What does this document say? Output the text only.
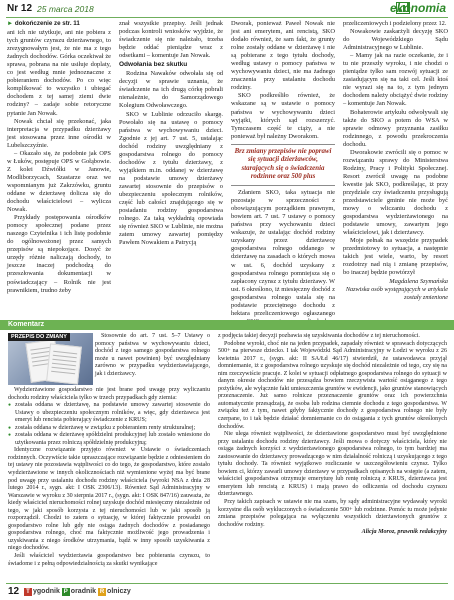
Nr 12 25 marca 2018	ekonomia
► dokończenie ze str. 11

ani ich nie użytkuje, ani nie pobiera z tych gruntów czynszu dzierżawnego, to zrezygnowałym jest, że nie ma z tego żadnych dochodów. Górka oczekiwał że sprawa, pobrana na nie usiłuje doplaty, co jest według mnie jednoznaczne z pobieraniem dochodów. Po co więc komplikować to wszystko i ubiegać dochodem z tej samej ziemi dwie rodziny? – zadaje sobie retoryczne pytanie Jan Nowak.

Nowak chciał się przekonać, jaka interpretacja w przypadku dzierżawy jest stosowana przez inne ośrodki w Lubelszczyźnie.

– Okazało się, że podobnie jak OPS w Łuków, postępuje OPS w Gołąbowie. Z kolei Dźwiółki w Janowie, Modliborzycach, Szastarze oraz we wspomnianym już Zakrzówku, gruntu oddane w dzierżawę dolicza się do dochodu właścicielowi – wylicza Nowak.

Przykłady postępowania ośrodków pomocy społecznej podane przez naszego Czytelnika i ich listę podobnie do ogólnowożonej przez samych przepisów są niepokojące. Dosyć że urzędy różnie naliczają dochody, to jeszcze inaczej podchodzą do przeszłowania dokumentacji w poświadczający – Rolnik nie jest prawnikiem, trudno żeby

znał wszystkie przepisy. Jeśli jednak podczas kontroli wniosków wyjdzie, że świadczenie się nie należało, trzeba będzie oddać pieniądze wraz z odsetkami – komentuje Jan Nowak.

Odwołania bez skutku

Rodzina Nawaków odwołała się od decyzji w sprawie uznania, że świadczenie na ich drugą córkę pobrali nienależnie, do Samorządowego Kolegium Odwoławczego.

SKO w Lublinie odrzuciło skargę. Powołało się na ustawę o pomocy państwa w wychowywaniu dzieci. Zgodnie z jej art. 7 ust. 5, ustalając dochód rodziny uwzględniany z gospodarstwa rolnego do pomocy dochodów z tytułu dzierżawy, z wyjątkiem m.in. oddanej w dzierżawę na podstawie umowy dzierżawy zawartej stosownie do przepisów o ubezpieczeniu społecznym rolników, część lub całości znajdującego się w posiadaniu rodziny gospodarstwa rolnego. Za taką wykładnią opowiada się również SKO w Lublinie, nie można zatem umowy zawartej pomiędzy Pawłem Nowakiem a Patrycją

Dworak, ponieważ Paweł Nowak nie jest ani emerytem, ani rencistą, SKO dodało również, że sam fakt, że grunty rolne zostały oddane w dzierżawę i nie są pobierane z tego tytułu dochody, według ustawy o pomocy państwa w wychowywaniu dzieci, nie ma żadnego znaczenia przy ustalaniu dochodu rodziny.

SKO podkreśliło również, że wskazane są w ustawie o pomocy państwa w wychowywaniu dzieci wyjątki, których sąd rozszerzyć. Tymczasem część te ciąży, a nie ponieważ był należny Dworakom.

Brz zmiany przepisów nie poprawi się sytuacji dzierżawców, starających się o świadczenia rodzinne oraz 500 plus

Zdaniem SKO, taka sytuacja nie pozostaje w sprzeczności z obowiązującym porządkiem prawnym, bowiem art. 7 ust. 7 ustawy o pomocy państwa przy wychowaniu dzieci wskazuje, że ustalając dochód rodziny uzyskany przez dzierżawcę gospodarstwa rolnego oddanego w dzierżawę na zasadach o których mowa w ust. 6, dochód uzyskany z gospodarstwa rolnego pomniejsza się o zapłacony czynsz z tytułu dzierżawy. W ust. 6 określono, iż miesięczny dochód z gospodarstwa rolnego ustala się na podstawie przeciętnego dochodu z hektara przeliczeniowego ogłaszanego

przeliczeniowych i podzielony przez 12.

Nowakowie zaskarżyli decyzję SKO do Wojewódzkiego Sądu Administracyjnego w Lublinie.

– Mamy jak na razie oczekanie, że i tu nie przeszły wyroku, i nie chodzi o pieniądze tylko sam rozwój sytuacji ze zasiadującym się na taki cel. Jeśli ktoś nie wyrazi się na to, z tym jednym dochodem należy obciążyć dwie rodziny – komentuje Jan Nowak.

Bohaterowie artykułu odwoływali się także do SKO a potem do WSA w sprawie odmowy przyznania zasiłku rodzinnego, z powodu przekroczenia dochodu.

Dworakowie zwrócili się o pomoc w rozwiązaniu sprawy do Ministerstwa Rodziny, Pracy i Polityki Społecznej. Resort zwrócił uwagę na podobne kwestie jak SKO, podkreślając, iż przy przydziale czy świadczeniu przysługują przedstawiciele gminie nie może być mowy o wliczaniu dochodu z gospodarstwa wydzierżawionego na podstawie umowy, zawartym jego właścicielowi, jak i dzierżawcy.

Moje pełnak na wszędzie przypadek przedmiotowy to sytuacja, a następnie takich jest wiele, warto, by resort rozdotrzy nad nią i zmianę przepisów, bo inaczej będzie powtórzył

Magdalena Szymańska
Nazwiska osób występujących w artykule zostały zmienione
Komentarz
PRZEPIS DO ZMIANY	Stosownie do art. 7 ust. 5–7 Ustawy o pomocy państwa w wychowywaniu dzieci, dochód z tego samego gospodarstwa rolnego może u nawet powinien) być uwzględniany zarówno w przypadku wydzierżawiającego, jak i dzierżawcy.

Wydzierżawione gospodarstwo nie jest brane pod uwagę przy wyliczaniu dochodu rodziny właściciela tylko w trzech przypadkach gdy ziemia:

● została oddana w dzierżawę, na podstawie umowy zawartej stosownie do Ustawy o ubezpieczeniu społecznym rolników, a więc, gdy dzierżawca jest emeryt lub rencista pobierający świadczenie z KRUS;
● została oddana w dzierżawę w związku z pobieraniem renty strukturalnej;
● została oddana w dzierżawę spółdzielni produkcyjnej lub zostało wniesione do użytkowania przez rolniczą spółdzielnię produkcyjną;

Identyczne rozwiązanie przyjęto również w Ustawie o świadczeniach rodzinnych. Oczywiście takie upraszczające rozwiązanie będzie z odniesieniem do tej ustawy nie pozostawia wątpliwości co do tego, że gospodarstwo, które zostało wydzierżawione w innych okolicznościach niż wymienione wyżej ma być brane pod uwagę przy ustalaniu dochodu rodziny właściciela (wyroki NSA z dnia 28 lutego 2014 r., sygn. akt: I OSK 2306/13). Również Sąd Administracyjny w Warszawie w wyroku z 30 sierpnia 2017 r., (sygn. akt: I OSK 847/16) zauważa, że kiedy właściciel nieruchomości rolnej uzyskuje dochód miesięczny niezależnie od tego, w jaki sposób korzysta z tej nieruchomości lub w jaki sposób ją rozporządził. Chodzi to zatem o sytuację, w której faktycznie prowadzi on gospodarstwo rolne lub gdy nie osiąga żadnych dochodów z posiadanego gospodarstwa rolnego, choć ma faktycznie możliwość jego prowadzenia i uzyskiwania z niego środków utrzymania, bądź w inny sposób uzyskiwania z niego dochodów.

Jeśli właściciel wydzierżawia gospodarstwo bez pobierania czynszu, to świadome i z pełną odpowiedzialnością za skutki wynikające

z podjęcia takiej decyzji pozbawia się uzyskiwania dochodów z tej nieruchomości.

Podobne wyroki, choć nie na jeden przypadek, zapadały również w sprawach dotyczących 500+ na pierwsze dziecko. I tak Wojewódzki Sąd Administracyjny w Łodzi w wyroku z 26 kwietnia 2017 r., (sygn. akt: II SA/Łd 46/17) stwierdził, że ustawodawca przyjął domniemanie, iż z gospodarstwa rolnego uzyskuje się dochód niezależnie od tego, czy się na nim rzeczywiście pracuje. Z kolei w sytuacji odpłatnego gospodarstwa rolnego do sytuacji w danym okresie dochodów nie przesądza bowiem rzeczywista wartość osiąganego z tego pożytków, ale wyłącznie fakt umieszczenia gruntów w ewidencji, jako gruntów stanowiących przeznaczenie. Już samo rolnicze przeznaczenie gruntów oraz ich powierzchnia automatycznie przesądzają, że osoba lub rodzina ciemnie dochodu z tego gospodarstwa. W związku też z tym, nawet gdyby faktycznie dochody z gospodarstwa rolnego nie były czerpane, to i tak będzie działać domniemanie co do osiągania z tych gruntów określonych dochodów.

Nie ulega również wątpliwości, że dzierżawione gospodarstwo musi być uwzględnione przy ustalaniu dochodu rodziny dzierżawcy. Jeśli mowa o dotyczy właściciela, który nie osiąga żadnych korzyści z wydzierżawionego gospodarstwa rolnego, to tym bardziej ma zastosowanie do dzierżawcy prowadzącego w nim działalność rolniczą i uzyskującego z tego tytułu dochody. Ta również wyjątkowo rozliczanie w uszczegółowieniu czynsz. Tylko bowiem ci, którzy zawarli umowy dzierżawy w przypadkach opisanych na wstępie (a zatem, właściciel gospodarstwa otrzymuje emeryturę lub rentę rolniczą z KRUS, dzierżawca jest emerytem lub rencistą z KRUS) i mają prawo do odliczenia od dochodu czynszu dzierżawnego.

Przy takich zapisach w ustawie nie ma szans, by sądy administracyjne wydawały wyroki korzystne dla osób wykluczonych o świadczenie 500+ lub rodzinne. Pomóc tu może jedynie zmiana przepisów polegająca na wyłączeniu wszystkich dzierżawionych gruntów z dochodów rodziny.

Alicja Moroz, prawnik redakcyjny
12	T ygodnik P oradnik R olniczy
